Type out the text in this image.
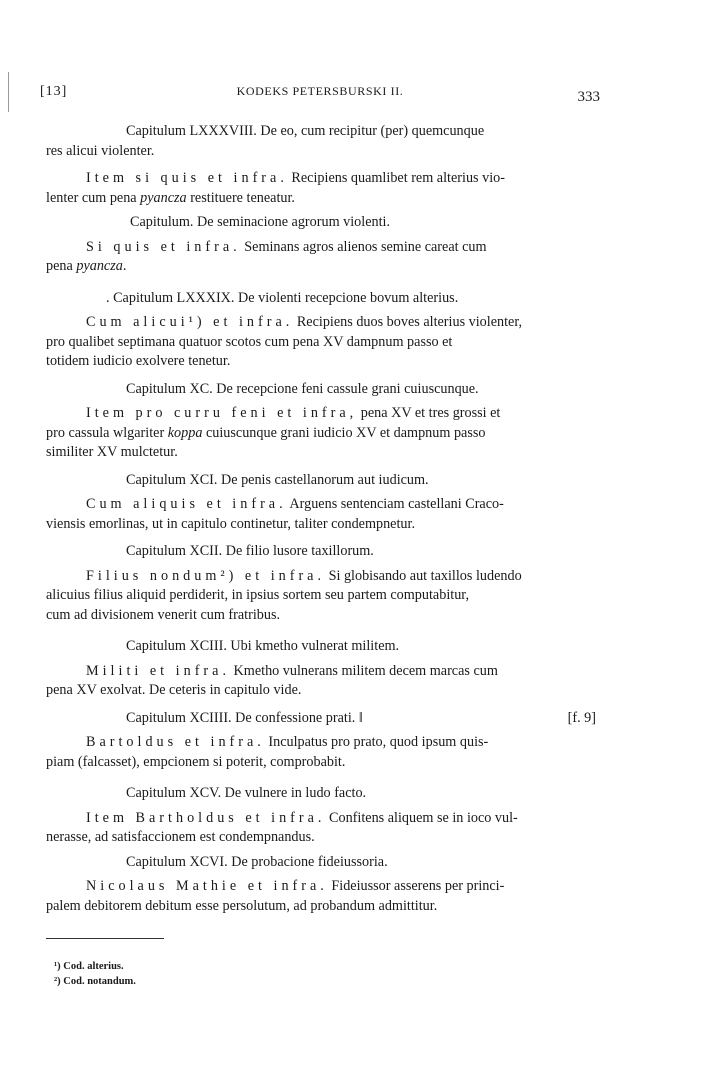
[13]	KODEKS PETERSBURSKI II.	333
Capitulum LXXXVIII. De eo, cum recipitur (per) quemcunque
res alicui violenter.
Item si quis et infra. Recipiens quamlibet rem alterius vio-
lenter cum pena pyancza restituere teneatur.
Capitulum. De seminacione agrorum violenti.
Si quis et infra. Seminans agros alienos semine careat cum
pena pyancza.
. Capitulum LXXXIX. De violenti recepcione bovum alterius.
Cum alicui¹) et infra. Recipiens duos boves alterius violenter,
pro qualibet septimana quatuor scotos cum pena XV dampnum passo et
totidem iudicio exolvere tenetur.
Capitulum XC. De recepcione feni cassule grani cuiuscunque.
Item pro curru feni et infra, pena XV et tres grossi et
pro cassula wlgariter koppa cuiuscunque grani iudicio XV et dampnum passo
similiter XV mulctetur.
Capitulum XCI. De penis castellanorum aut iudicum.
Cum aliquis et infra. Arguens sentenciam castellani Craco-
viensis emorlinas, ut in capitulo continetur, taliter condempnetur.
Capitulum XCII. De filio lusore taxillorum.
Filius nondum²) et infra. Si globisando aut taxillos ludendo
alicuius filius aliquid perdiderit, in ipsius sortem seu partem computabitur,
cum ad divisionem venerit cum fratribus.
Capitulum XCIII. Ubi kmetho vulnerat militem.
Militi et infra. Kmetho vulnerans militem decem marcas cum
pena XV exolvat. De ceteris in capitulo vide.
Capitulum XCIIII. De confessione prati. ‖	[f. 9]
Bartoldus et infra. Inculpatus pro prato, quod ipsum quis-
piam (falcasset), empcionem si poterit, comprobabit.
Capitulum XCV. De vulnere in ludo facto.
Item Bartholdus et infra. Confitens aliquem se in ioco vul-
nerasse, ad satisfaccionem est condempnandus.
Capitulum XCVI. De probacione fideiussoria.
Nicolaus Mathie et infra. Fideiussor asserens per princi-
palem debitorem debitum esse persolutum, ad probandum admittitur.
¹) Cod. alterius.
²) Cod. notandum.
